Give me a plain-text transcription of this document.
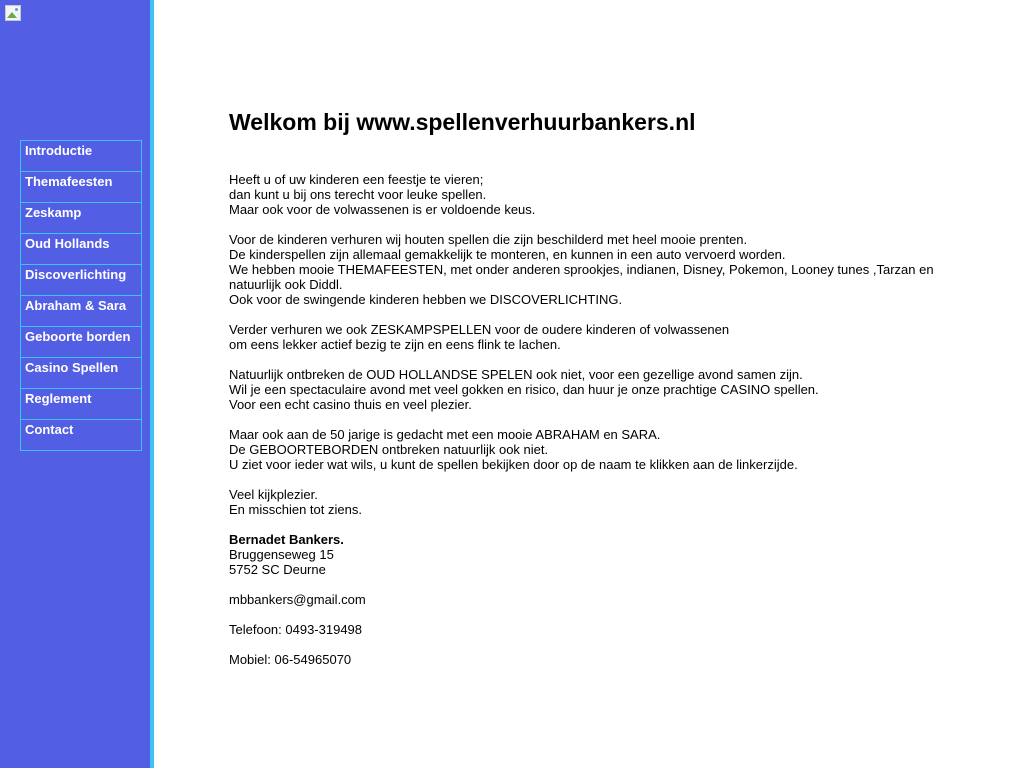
Introductie
Themafeesten
Zeskamp
Oud Hollands
Discoverlichting
Abraham & Sara
Geboorte borden
Casino Spellen
Reglement
Contact
Welkom bij www.spellenverhuurbankers.nl
Heeft u of uw kinderen een feestje te vieren;
dan kunt u bij ons terecht voor leuke spellen.
Maar ook voor de volwassenen is er voldoende keus.
Voor de kinderen verhuren wij houten spellen die zijn beschilderd met heel mooie prenten.
De kinderspellen zijn allemaal gemakkelijk te monteren, en kunnen in een auto vervoerd worden.
We hebben mooie THEMAFEESTEN, met onder anderen sprookjes, indianen, Disney, Pokemon, Looney tunes ,Tarzan en
natuurlijk ook Diddl.
Ook voor de swingende kinderen hebben we DISCOVERLICHTING.
Verder verhuren we ook ZESKAMPSPELLEN voor de oudere kinderen of volwassenen
om eens lekker actief bezig te zijn en eens flink te lachen.
Natuurlijk ontbreken de OUD HOLLANDSE SPELEN ook niet, voor een gezellige avond samen zijn.
Wil je een spectaculaire avond met veel gokken en risico, dan huur je onze prachtige CASINO spellen.
Voor een echt casino thuis en veel plezier.
Maar ook aan de 50 jarige is gedacht met een mooie ABRAHAM en SARA.
De GEBOORTEBORDEN ontbreken natuurlijk ook niet.
U ziet voor ieder wat wils, u kunt de spellen bekijken door op de naam te klikken aan de linkerzijde.
Veel kijkplezier.
En misschien tot ziens.
Bernadet Bankers.
Bruggenseweg 15
5752 SC Deurne
mbbankers@gmail.com
Telefoon: 0493-319498
Mobiel: 06-54965070
